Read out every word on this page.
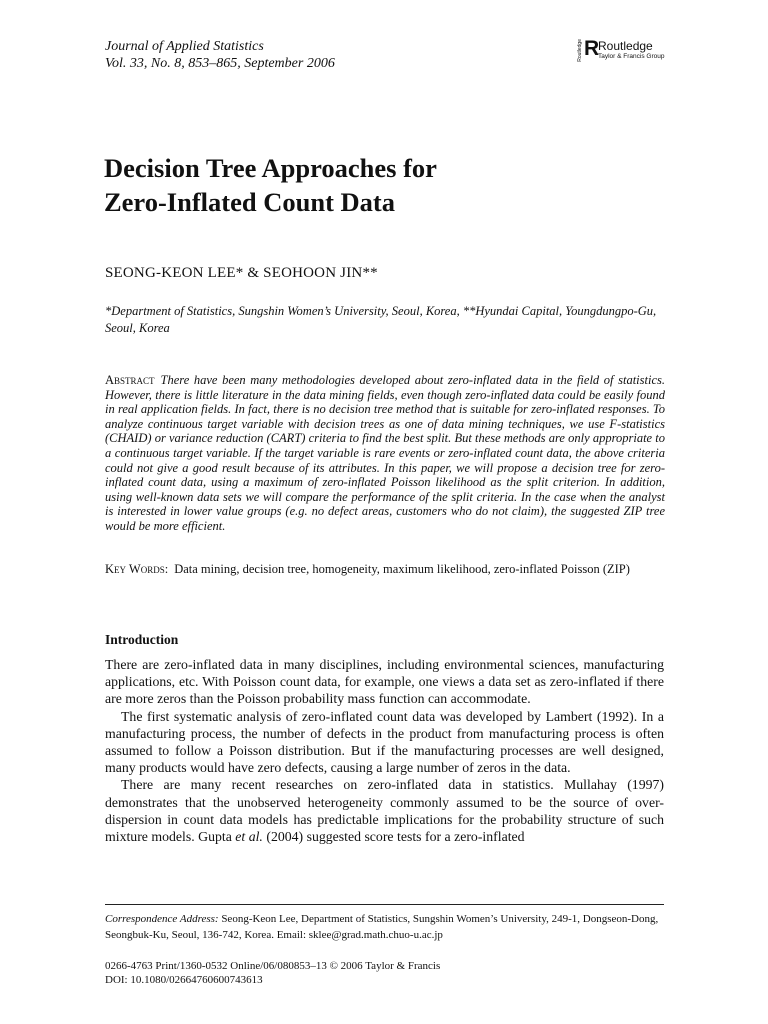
Journal of Applied Statistics
Vol. 33, No. 8, 853–865, September 2006
Routledge R
Routledge
Taylor & Francis Group
Decision Tree Approaches for
Zero-Inflated Count Data
SEONG-KEON LEE* & SEOHOON JIN**
*Department of Statistics, Sungshin Women’s University, Seoul, Korea, **Hyundai Capital, Youngdungpo-Gu, Seoul, Korea
Abstract There have been many methodologies developed about zero-inflated data in the field of statistics. However, there is little literature in the data mining fields, even though zero-inflated data could be easily found in real application fields. In fact, there is no decision tree method that is suitable for zero-inflated responses. To analyze continuous target variable with decision trees as one of data mining techniques, we use F-statistics (CHAID) or variance reduction (CART) criteria to find the best split. But these methods are only appropriate to a continuous target variable. If the target variable is rare events or zero-inflated count data, the above criteria could not give a good result because of its attributes. In this paper, we will propose a decision tree for zero-inflated count data, using a maximum of zero-inflated Poisson likelihood as the split criterion. In addition, using well-known data sets we will compare the performance of the split criteria. In the case when the analyst is interested in lower value groups (e.g. no defect areas, customers who do not claim), the suggested ZIP tree would be more efficient.
Key Words: Data mining, decision tree, homogeneity, maximum likelihood, zero-inflated Poisson (ZIP)
Introduction

There are zero-inflated data in many disciplines, including environmental sciences, manufacturing applications, etc. With Poisson count data, for example, one views a data set as zero-inflated if there are more zeros than the Poisson probability mass function can accommodate.

The first systematic analysis of zero-inflated count data was developed by Lambert (1992). In a manufacturing process, the number of defects in the product from manufacturing process is often assumed to follow a Poisson distribution. But if the manufacturing processes are well designed, many products would have zero defects, causing a large number of zeros in the data.

There are many recent researches on zero-inflated data in statistics. Mullahay (1997) demonstrates that the unobserved heterogeneity commonly assumed to be the source of over-dispersion in count data models has predictable implications for the probability structure of such mixture models. Gupta et al. (2004) suggested score tests for a zero-inflated

Correspondence Address: Seong-Keon Lee, Department of Statistics, Sungshin Women’s University, 249-1, Dongseon-Dong, Seongbuk-Ku, Seoul, 136-742, Korea. Email: sklee@grad.math.chuo-u.ac.jp
0266-4763 Print/1360-0532 Online/06/080853–13 © 2006 Taylor & Francis
DOI: 10.1080/02664760600743613
